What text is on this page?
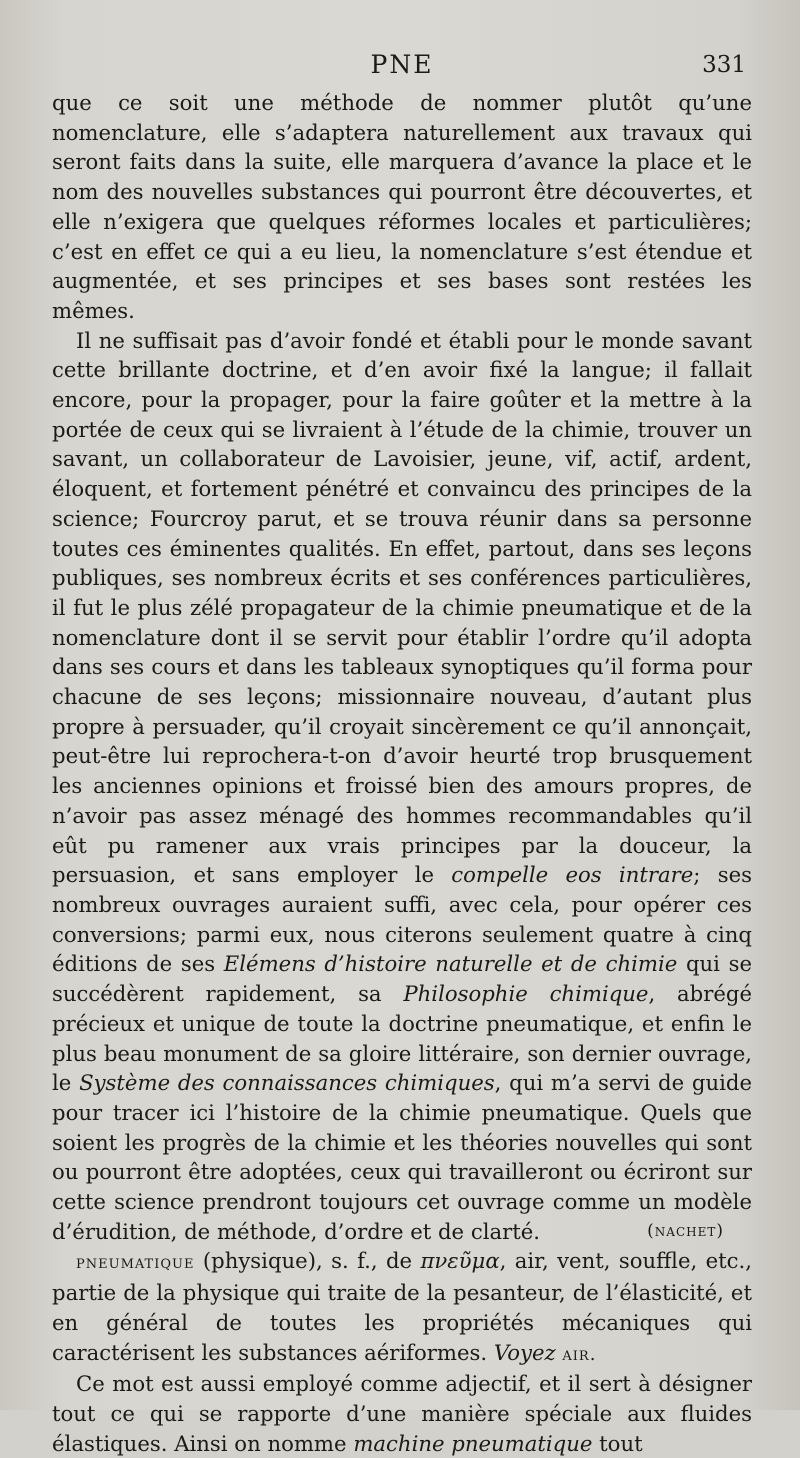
PNE	331

que ce soit une méthode de nommer plutôt qu’une nomenclature, elle s’adaptera naturellement aux travaux qui seront faits dans la suite, elle marquera d’avance la place et le nom des nouvelles substances qui pourront être découvertes, et elle n’exigera que quelques réformes locales et particulières; c’est en effet ce qui a eu lieu, la nomenclature s’est étendue et augmentée, et ses principes et ses bases sont restées les mêmes.

Il ne suffisait pas d’avoir fondé et établi pour le monde savant cette brillante doctrine, et d’en avoir fixé la langue; il fallait encore, pour la propager, pour la faire goûter et la mettre à la portée de ceux qui se livraient à l’étude de la chimie, trouver un savant, un collaborateur de Lavoisier, jeune, vif, actif, ardent, éloquent, et fortement pénétré et convaincu des principes de la science; Fourcroy parut, et se trouva réunir dans sa personne toutes ces éminentes qualités. En effet, partout, dans ses leçons publiques, ses nombreux écrits et ses conférences particulières, il fut le plus zélé propagateur de la chimie pneumatique et de la nomenclature dont il se servit pour établir l’ordre qu’il adopta dans ses cours et dans les tableaux synoptiques qu’il forma pour chacune de ses leçons; missionnaire nouveau, d’autant plus propre à persuader, qu’il croyait sincèrement ce qu’il annonçait, peut-être lui reprochera-t-on d’avoir heurté trop brusquement les anciennes opinions et froissé bien des amours propres, de n’avoir pas assez ménagé des hommes recommandables qu’il eût pu ramener aux vrais principes par la douceur, la persuasion, et sans employer le compelle eos intrare; ses nombreux ouvrages auraient suffi, avec cela, pour opérer ces conversions; parmi eux, nous citerons seulement quatre à cinq éditions de ses Elémens d’histoire naturelle et de chimie qui se succédèrent rapidement, sa Philosophie chimique, abrégé précieux et unique de toute la doctrine pneumatique, et enfin le plus beau monument de sa gloire littéraire, son dernier ouvrage, le Système des connaissances chimiques, qui m’a servi de guide pour tracer ici l’histoire de la chimie pneumatique. Quels que soient les progrès de la chimie et les théories nouvelles qui sont ou pourront être adoptées, ceux qui travailleront ou écriront sur cette science prendront toujours cet ouvrage comme un modèle d’érudition, de méthode, d’ordre et de clarté.	(nachet)

pneumatique (physique), s. f., de πνεῦμα, air, vent, souffle, etc., partie de la physique qui traite de la pesanteur, de l’élasticité, et en général de toutes les propriétés mécaniques qui caractérisent les substances aériformes. Voyez air.

Ce mot est aussi employé comme adjectif, et il sert à désigner tout ce qui se rapporte d’une manière spéciale aux fluides élastiques. Ainsi on nomme machine pneumatique tout
